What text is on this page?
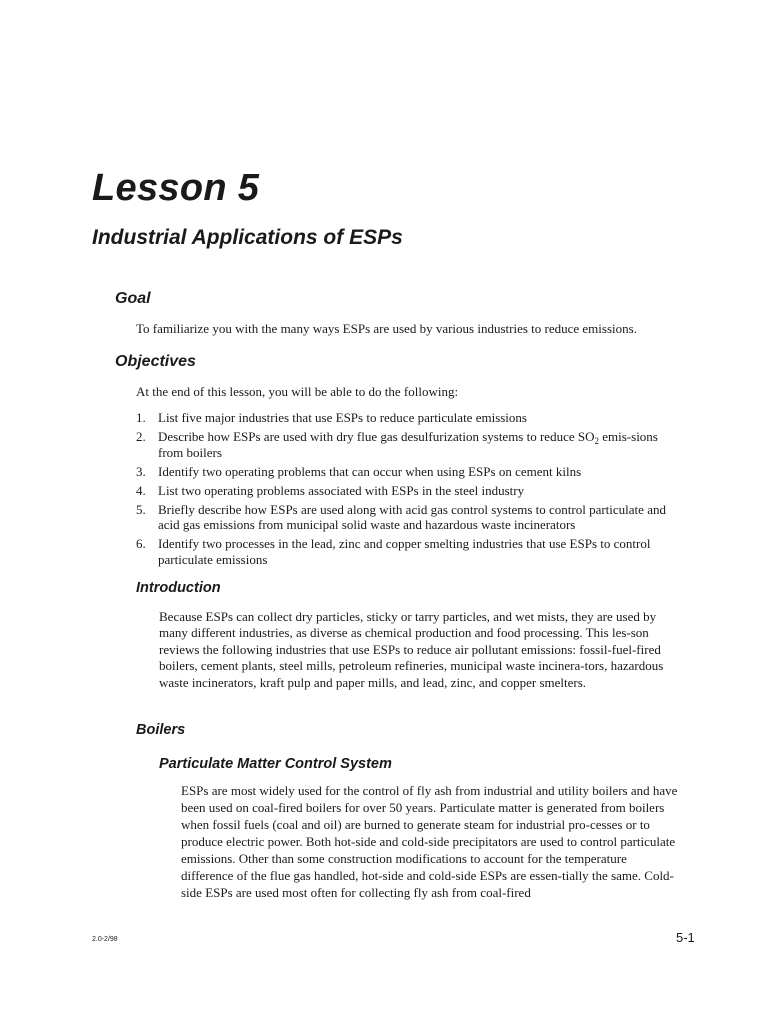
Lesson 5
Industrial Applications of ESPs
Goal

To familiarize you with the many ways ESPs are used by various industries to reduce emissions.

Objectives

At the end of this lesson, you will be able to do the following:

1. List five major industries that use ESPs to reduce particulate emissions
2. Describe how ESPs are used with dry flue gas desulfurization systems to reduce $SO_2$ emis-sions from boilers
3. Identify two operating problems that can occur when using ESPs on cement kilns
4. List two operating problems associated with ESPs in the steel industry
5. Briefly describe how ESPs are used along with acid gas control systems to control particulate and acid gas emissions from municipal solid waste and hazardous waste incinerators
6. Identify two processes in the lead, zinc and copper smelting industries that use ESPs to control particulate emissions
Introduction

Because ESPs can collect dry particles, sticky or tarry particles, and wet mists, they are used by many different industries, as diverse as chemical production and food processing. This les-son reviews the following industries that use ESPs to reduce air pollutant emissions: fossil-fuel-fired boilers, cement plants, steel mills, petroleum refineries, municipal waste incinera-tors, hazardous waste incinerators, kraft pulp and paper mills, and lead, zinc, and copper smelters.

Boilers
Particulate Matter Control System

ESPs are most widely used for the control of fly ash from industrial and utility boilers and have been used on coal-fired boilers for over 50 years. Particulate matter is generated from boilers when fossil fuels (coal and oil) are burned to generate steam for industrial pro-cesses or to produce electric power. Both hot-side and cold-side precipitators are used to control particulate emissions. Other than some construction modifications to account for the temperature difference of the flue gas handled, hot-side and cold-side ESPs are essen-tially the same. Cold-side ESPs are used most often for collecting fly ash from coal-fired

2.0-2/98	5-1
